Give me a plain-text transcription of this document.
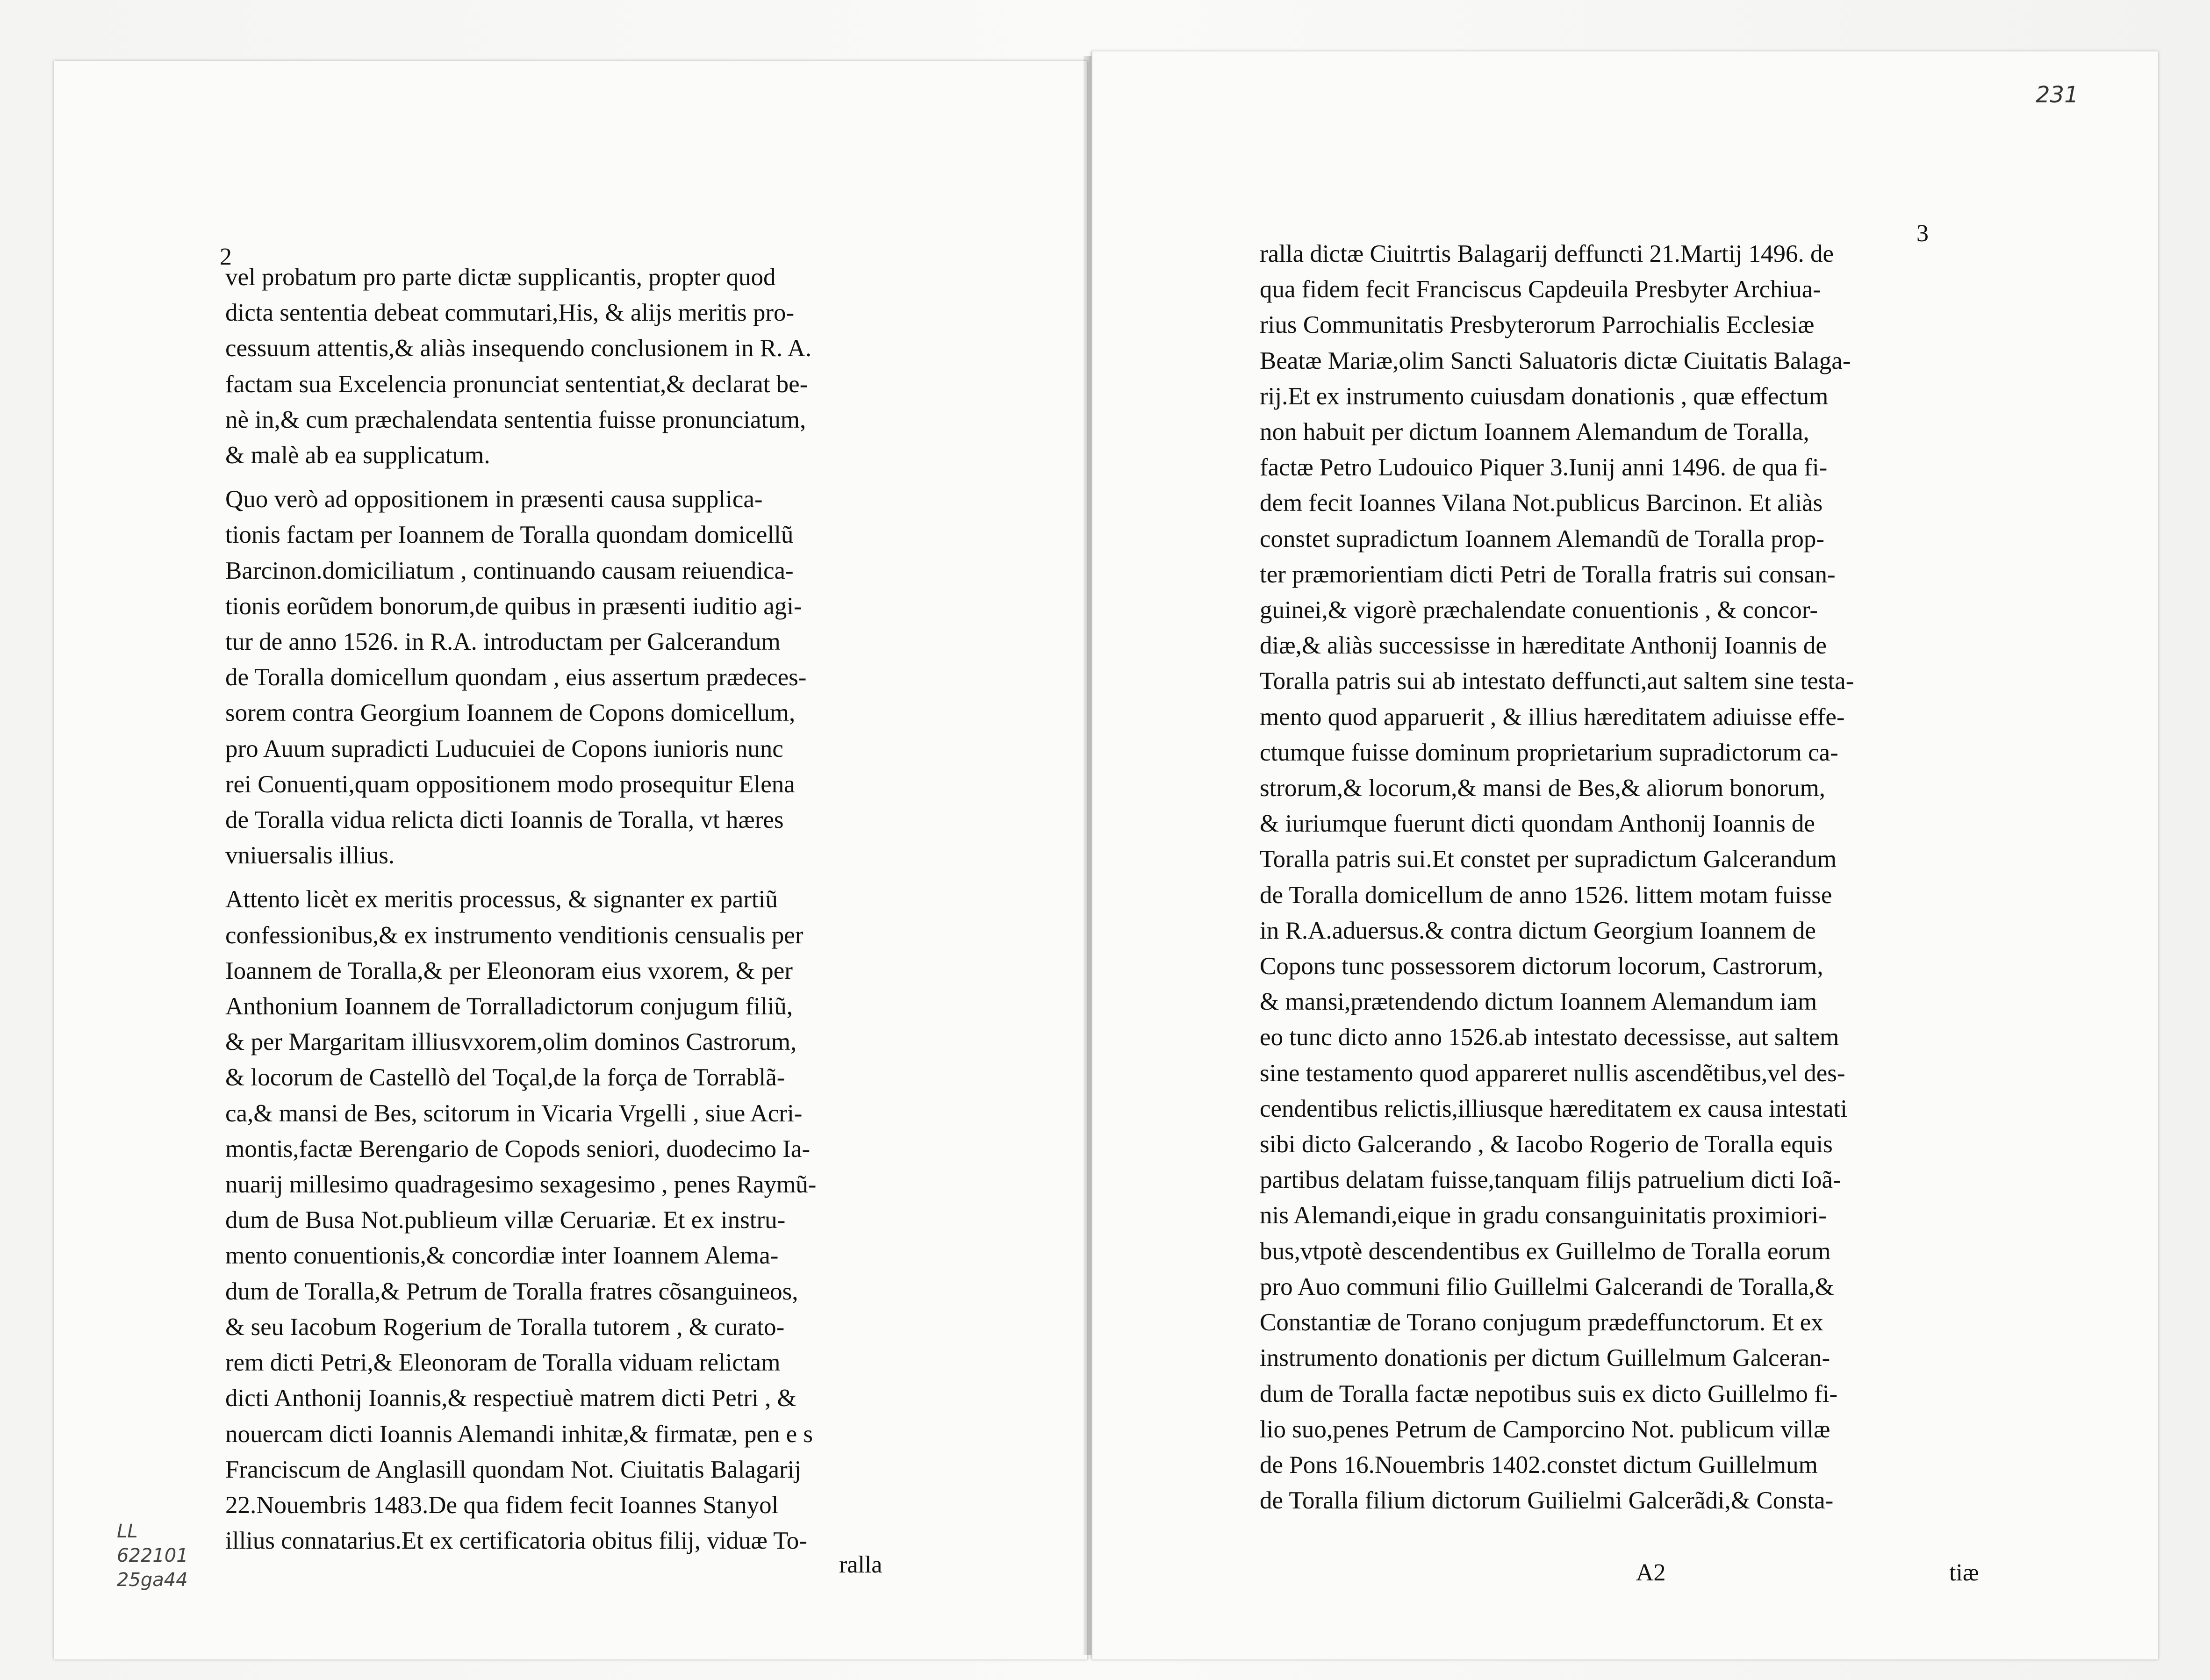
2
vel probatum pro parte dictæ supplicantis, propter quod
dicta sententia debeat commutari,His, & alijs meritis pro-
cessuum attentis,& aliàs insequendo conclusionem in R. A.
factam sua Excelencia pronunciat sententiat,& declarat be-
nè in,& cum præchalendata sententia fuisse pronunciatum,
& malè ab ea supplicatum.
Quo verò ad oppositionem in præsenti causa supplica-
tionis factam per Ioannem de Toralla quondam domicellũ
Barcinon.domiciliatum , continuando causam reiuendica-
tionis eorũdem bonorum,de quibus in præsenti iuditio agi-
tur de anno 1526. in R.A. introductam per Galcerandum
de Toralla domicellum quondam , eius assertum prædeces-
sorem contra Georgium Ioannem de Copons domicellum,
pro Auum supradicti Luducuiei de Copons iunioris nunc
rei Conuenti,quam oppositionem modo prosequitur Elena
de Toralla vidua relicta dicti Ioannis de Toralla, vt hæres
vniuersalis illius.
Attento licèt ex meritis processus, & signanter ex partiũ
confessionibus,& ex instrumento venditionis censualis per
Ioannem de Toralla,& per Eleonoram eius vxorem, & per
Anthonium Ioannem de Torralladictorum conjugum filiũ,
& per Margaritam illiusvxorem,olim dominos Castrorum,
& locorum de Castellò del Toçal,de la força de Torrablã-
ca,& mansi de Bes, scitorum in Vicaria Vrgelli , siue Acri-
montis,factæ Berengario de Copods seniori, duodecimo Ia-
nuarij millesimo quadragesimo sexagesimo , penes Raymũ-
dum de Busa Not.publieum villæ Ceruariæ. Et ex instru-
mento conuentionis,& concordiæ inter Ioannem Alema-
dum de Toralla,& Petrum de Toralla fratres cõsanguineos,
& seu Iacobum Rogerium de Toralla tutorem , & curato-
rem dicti Petri,& Eleonoram de Toralla viduam relictam
dicti Anthonij Ioannis,& respectiuè matrem dicti Petri , &
nouercam dicti Ioannis Alemandi inhitæ,& firmatæ, pen e s
Franciscum de Anglasill quondam Not. Ciuitatis Balagarij
22.Nouembris 1483.De qua fidem fecit Ioannes Stanyol
illius connatarius.Et ex certificatoria obitus filij, viduæ To-
ralla
3
231
ralla dictæ Ciuitrtis Balagarij deffuncti 21.Martij 1496. de
qua fidem fecit Franciscus Capdeuila Presbyter Archiua-
rius Communitatis Presbyterorum Parrochialis Ecclesiæ
Beatæ Mariæ,olim Sancti Saluatoris dictæ Ciuitatis Balaga-
rij.Et ex instrumento cuiusdam donationis , quæ effectum
non habuit per dictum Ioannem Alemandum de Toralla,
factæ Petro Ludouico Piquer 3.Iunij anni 1496. de qua fi-
dem fecit Ioannes Vilana Not.publicus Barcinon. Et aliàs
constet supradictum Ioannem Alemandũ de Toralla prop-
ter præmorientiam dicti Petri de Toralla fratris sui consan-
guinei,& vigorè præchalendate conuentionis , & concor-
diæ,& aliàs successisse in hæreditate Anthonij Ioannis de
Toralla patris sui ab intestato deffuncti,aut saltem sine testa-
mento quod apparuerit , & illius hæreditatem adiuisse effe-
ctumque fuisse dominum proprietarium supradictorum ca-
strorum,& locorum,& mansi de Bes,& aliorum bonorum,
& iuriumque fuerunt dicti quondam Anthonij Ioannis de
Toralla patris sui.Et constet per supradictum Galcerandum
de Toralla domicellum de anno 1526. littem motam fuisse
in R.A.aduersus.& contra dictum Georgium Ioannem de
Copons tunc possessorem dictorum locorum, Castrorum,
& mansi,prætendendo dictum Ioannem Alemandum iam
eo tunc dicto anno 1526.ab intestato decessisse, aut saltem
sine testamento quod appareret nullis ascendẽtibus,vel des-
cendentibus relictis,illiusque hæreditatem ex causa intestati
sibi dicto Galcerando , & Iacobo Rogerio de Toralla equis
partibus delatam fuisse,tanquam filijs patruelium dicti Ioã-
nis Alemandi,eique in gradu consanguinitatis proximiori-
bus,vtpotè descendentibus ex Guillelmo de Toralla eorum
pro Auo communi filio Guillelmi Galcerandi de Toralla,&
Constantiæ de Torano conjugum prædeffunctorum. Et ex
instrumento donationis per dictum Guillelmum Galceran-
dum de Toralla factæ nepotibus suis ex dicto Guillelmo fi-
lio suo,penes Petrum de Camporcino Not. publicum villæ
de Pons 16.Nouembris 1402.constet dictum Guillelmum
de Toralla filium dictorum Guilielmi Galcerãdi,& Consta-
A2	tiæ
LL
622101
25ga44
